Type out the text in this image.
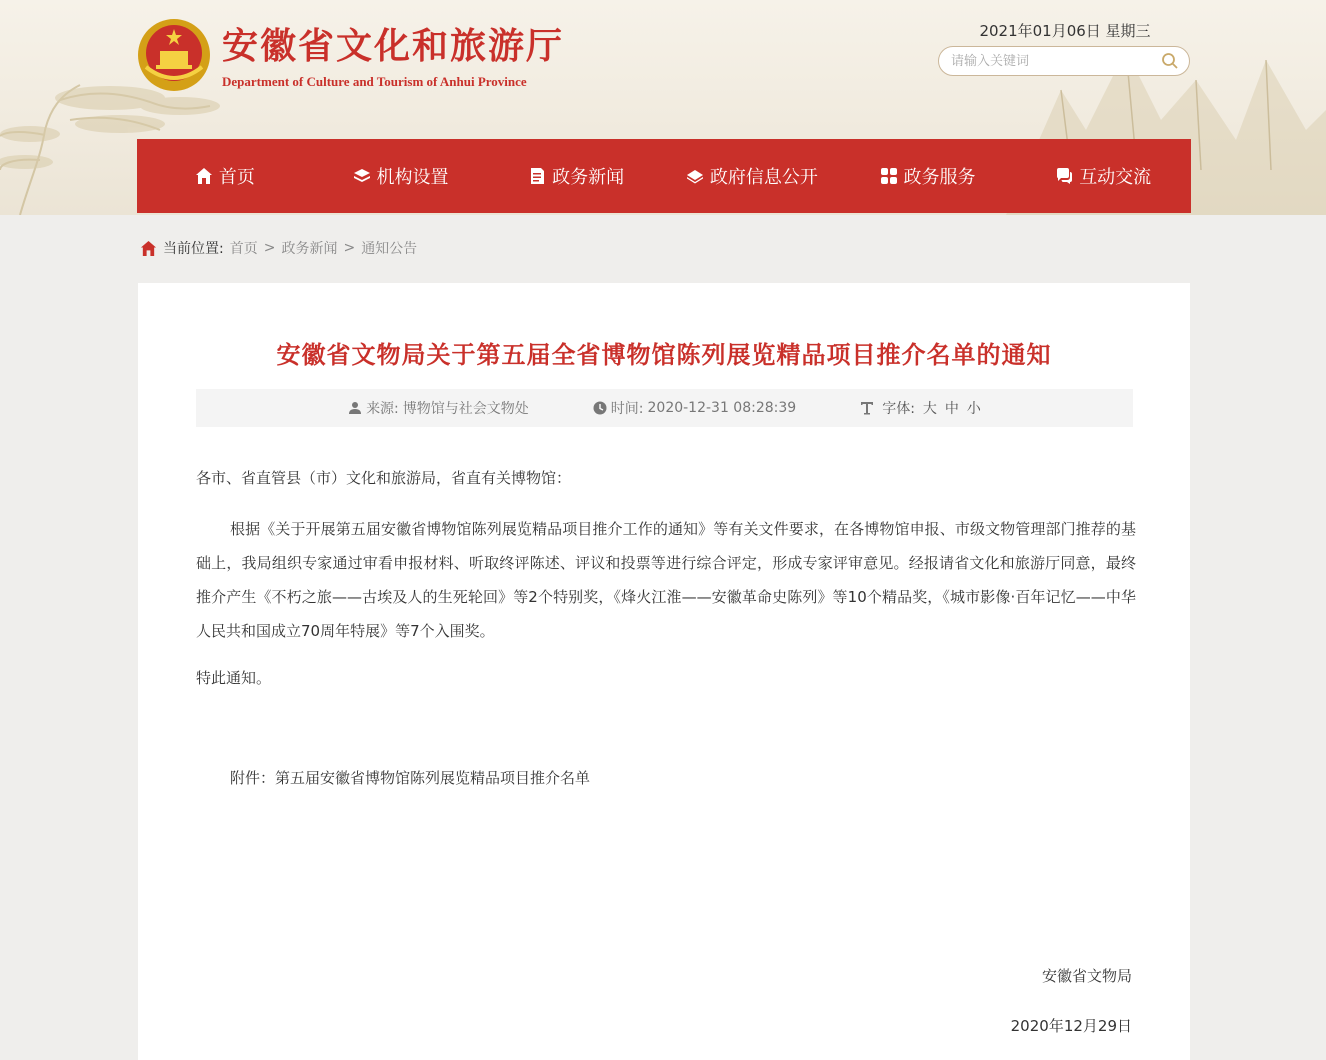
安徽省文化和旅游厅
Department of Culture and Tourism of Anhui Province
2021年01月06日 星期三
请输入关键词
首页	机构设置	政务新闻	政府信息公开	政务服务	互动交流
当前位置: 首页 > 政务新闻 > 通知公告
安徽省文物局关于第五届全省博物馆陈列展览精品项目推介名单的通知
来源: 博物馆与社会文物处	时间: 2020-12-31 08:28:39	字体: 大 中 小
各市、省直管县（市）文化和旅游局，省直有关博物馆：
根据《关于开展第五届安徽省博物馆陈列展览精品项目推介工作的通知》等有关文件要求，在各博物馆申报、市级文物管理部门推荐的基础上，我局组织专家通过审看申报材料、听取终评陈述、评议和投票等进行综合评定，形成专家评审意见。经报请省文化和旅游厅同意，最终推介产生《不朽之旅——古埃及人的生死轮回》等2个特别奖，《烽火江淮——安徽革命史陈列》等10个精品奖，《城市影像·百年记忆——中华人民共和国成立70周年特展》等7个入围奖。
特此通知。
附件：第五届安徽省博物馆陈列展览精品项目推介名单
安徽省文物局
2020年12月29日
